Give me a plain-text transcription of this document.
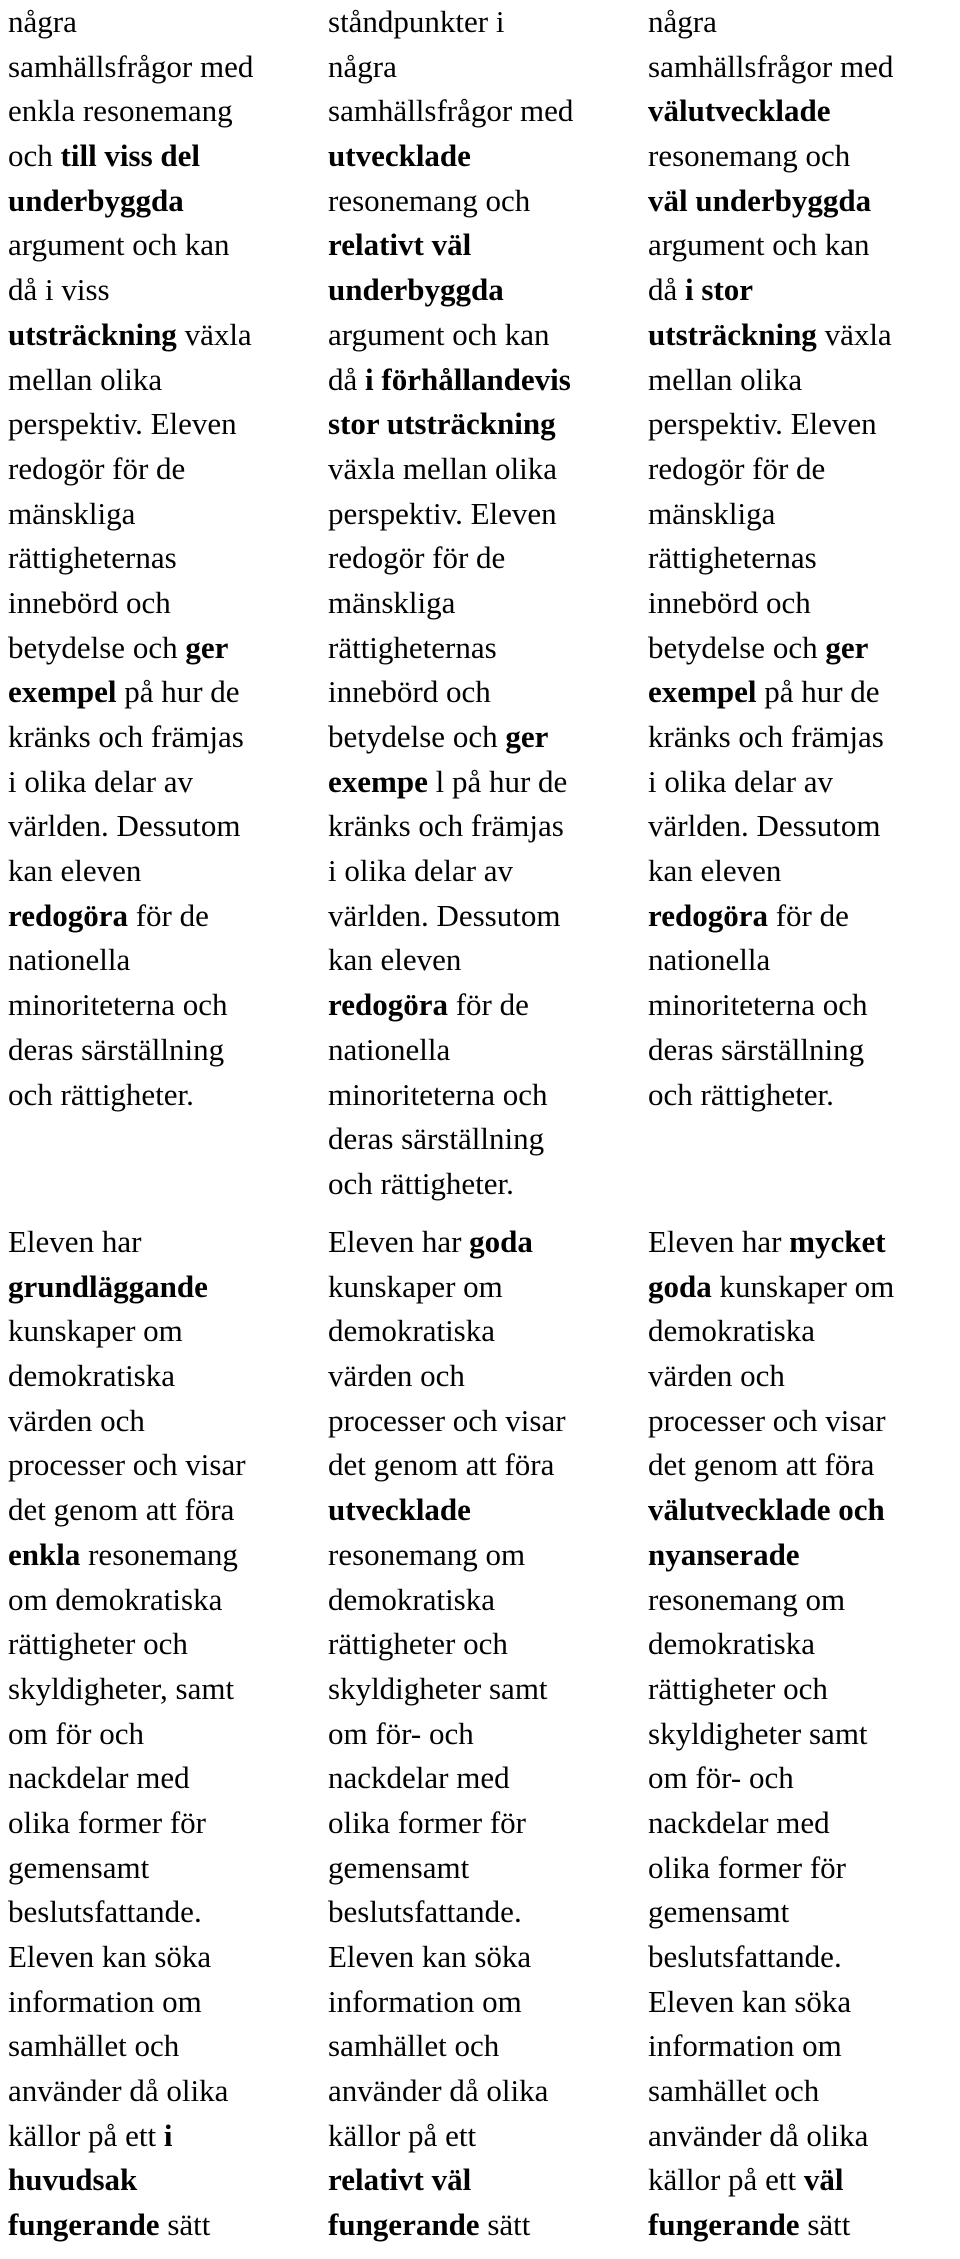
några
samhällsfrågor med
enkla resonemang
och till viss del
underbyggda
argument och kan
då i viss
utsträckning växla
mellan olika
perspektiv. Eleven
redogör för de
mänskliga
rättigheternas
innebörd och
betydelse och ger
exempel på hur de
kränks och främjas
i olika delar av
världen. Dessutom
kan eleven
redogöra för de
nationella
minoriteterna och
deras särställning
och rättigheter.
ståndpunkter i
några
samhällsfrågor med
utvecklade
resonemang och
relativt väl
underbyggda
argument och kan
då i förhållandevis
stor utsträckning
växla mellan olika
perspektiv. Eleven
redogör för de
mänskliga
rättigheternas
innebörd och
betydelse och ger
exempe l på hur de
kränks och främjas
i olika delar av
världen. Dessutom
kan eleven
redogöra för de
nationella
minoriteterna och
deras särställning
och rättigheter.
några
samhällsfrågor med
välutvecklade
resonemang och
väl underbyggda
argument och kan
då i stor
utsträckning växla
mellan olika
perspektiv. Eleven
redogör för de
mänskliga
rättigheternas
innebörd och
betydelse och ger
exempel på hur de
kränks och främjas
i olika delar av
världen. Dessutom
kan eleven
redogöra för de
nationella
minoriteterna och
deras särställning
och rättigheter.
Eleven har
grundläggande
kunskaper om
demokratiska
värden och
processer och visar
det genom att föra
enkla resonemang
om demokratiska
rättigheter och
skyldigheter, samt
om för och
nackdelar med
olika former för
gemensamt
beslutsfattande.
Eleven kan söka
information om
samhället och
använder då olika
källor på ett i
huvudsak
fungerande sätt
Eleven har goda
kunskaper om
demokratiska
värden och
processer och visar
det genom att föra
utvecklade
resonemang om
demokratiska
rättigheter och
skyldigheter samt
om för- och
nackdelar med
olika former för
gemensamt
beslutsfattande.
Eleven kan söka
information om
samhället och
använder då olika
källor på ett
relativt väl
fungerande sätt
Eleven har mycket
goda kunskaper om
demokratiska
värden och
processer och visar
det genom att föra
välutvecklade och
nyanserade
resonemang om
demokratiska
rättigheter och
skyldigheter samt
om för- och
nackdelar med
olika former för
gemensamt
beslutsfattande.
Eleven kan söka
information om
samhället och
använder då olika
källor på ett väl
fungerande sätt
